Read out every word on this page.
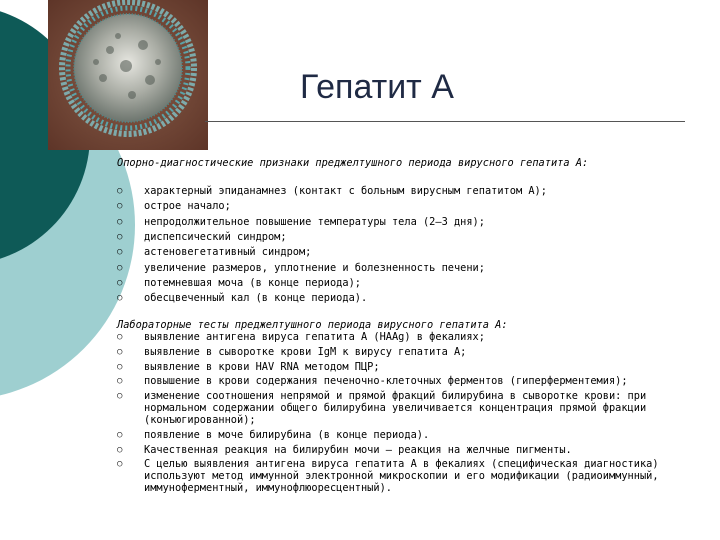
Гепатит А

Опорно-диагностические признаки преджелтушного периода вирусного гепатита А:

○ характерный эпиданамнез (контакт с больным вирусным гепатитом А);
○ острое начало;
○ непродолжительное повышение температуры тела (2—3 дня);
○ диспепсический синдром;
○ астеновегетативный синдром;
○ увеличение размеров, уплотнение и болезненность печени;
○ потемневшая моча (в конце периода);
○ обесцвеченный кал (в конце периода).

Лабораторные тесты преджелтушного периода вирусного гепатита А:

○ выявление антигена вируса гепатита А (HAAg) в фекалиях;
○ выявление в сыворотке крови IgM к вирусу гепатита А;
○ выявление в крови HAV RNA методом ПЦР;
○ повышение в крови содержания печеночно-клеточных ферментов (гиперферментемия);
○ изменение соотношения непрямой и прямой фракций билирубина в сыворотке крови: при нормальном содержании общего билирубина увеличивается концентрация прямой фракции (конъюгированной);
○ появление в моче билирубина (в конце периода).
○ Качественная реакция на билирубин мочи — реакция на желчные пигменты.
○ С целью выявления антигена вируса гепатита А в фекалиях (специфическая диагностика) используют метод иммунной электронной микроскопии и его модификации (радиоиммунный, иммуноферментный, иммунофлюоресцентный).
